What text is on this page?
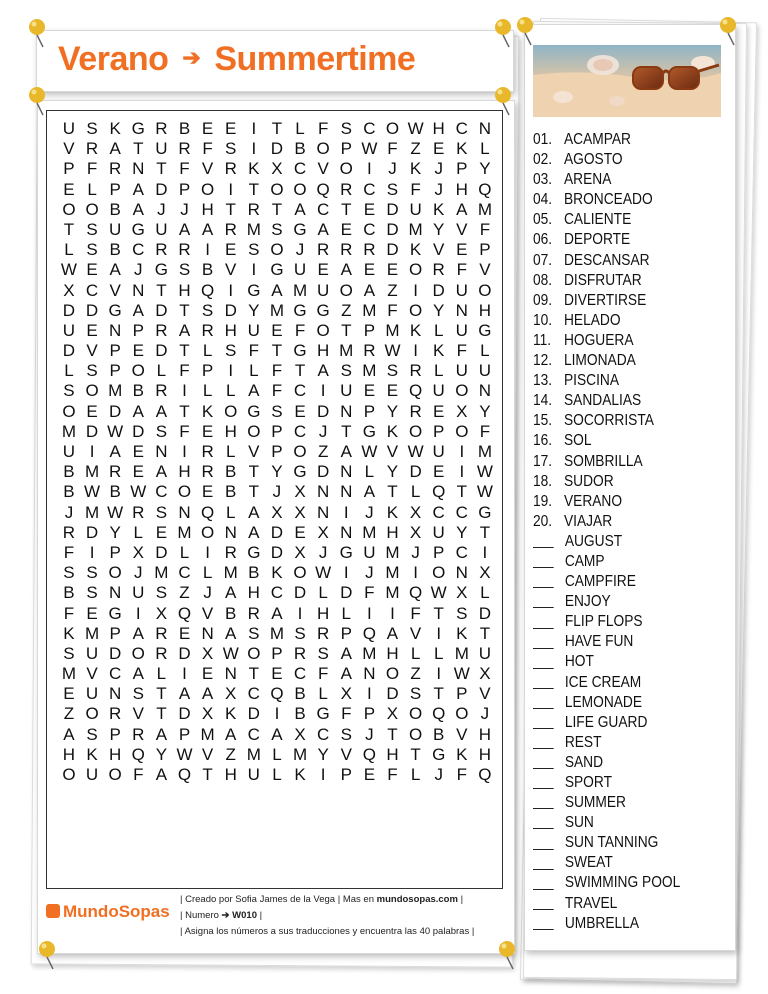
Verano ➔ Summertime
U S K G R B E E I T L F S C O W H C N
V R A T U R F S I D B O P W F Z E K L
P F R N T F V R K X C V O I J K J P Y
E L P A D P O I T O O Q R C S F J H Q
O O B A J J H T R T A C T E D U K A M
T S U G U A A R M S G A E C D M Y V F
L S B C R R I E S O J R R R D K V E P
W E A J G S B V I G U E A E E O R F V
X C V N T H Q I G A M U O A Z I D U O
D D G A D T S D Y M G G Z M F O Y N H
U E N P R A R H U E F O T P M K L U G
D V P E D T L S F T G H M R W I K F L
L S P O L F P I L F T A S M S R L U U
S O M B R I L L A F C I U E E Q U O N
O E D A A T K O G S E D N P Y R E X Y
M D W D S F E H O P C J T G K O P O F
U I A E N I R L V P O Z A W V W U I M
B M R E A H R B T Y G D N L Y D E I W
B W B W C O E B T J X N N A T L Q T W
J M W R S N Q L A X X N I J K X C C G
R D Y L E M O N A D E X N M H X U Y T
F I P X D L I R G D X J G U M J P C I
S S O J M C L M B K O W I J M I O N X
B S N U S Z J A H C D L D F M Q W X L
F E G I X Q V B R A I H L I	I F T S D
K M P A R E N A S M S R P Q A V I K T
S U D O R D X W O P R S A M H L L M U
M V C A L I E N T E C F A N O Z I W X
E U N S T A A X C Q B L X I D S T P V
Z O R V T D X K D I B G F P X O Q O J
A S P R A P M A C A X C S J T O B V H
H K H Q Y W V Z M L M Y V Q H T G K H
O U O F A Q T H U L K I P E F L J F Q
01. ACAMPAR
02. AGOSTO
03. ARENA
04. BRONCEADO
05. CALIENTE
06. DEPORTE
07. DESCANSAR
08. DISFRUTAR
09. DIVERTIRSE
10. HELADO
11. HOGUERA
12. LIMONADA
13. PISCINA
14. SANDALIAS
15. SOCORRISTA
16. SOL
17. SOMBRILLA
18. SUDOR
19. VERANO
20. VIAJAR
AUGUST
CAMP
CAMPFIRE
ENJOY
FLIP FLOPS
HAVE FUN
HOT
ICE CREAM
LEMONADE
LIFE GUARD
REST
SAND
SPORT
SUMMER
SUN
SUN TANNING
SWEAT
SWIMMING POOL
TRAVEL
UMBRELLA
MundoSopas
| Creado por Sofia James de la Vega | Mas en mundosopas.com |
| Numero ➔ W010 |
| Asigna los números a sus traducciones y encuentra las 40 palabras |
